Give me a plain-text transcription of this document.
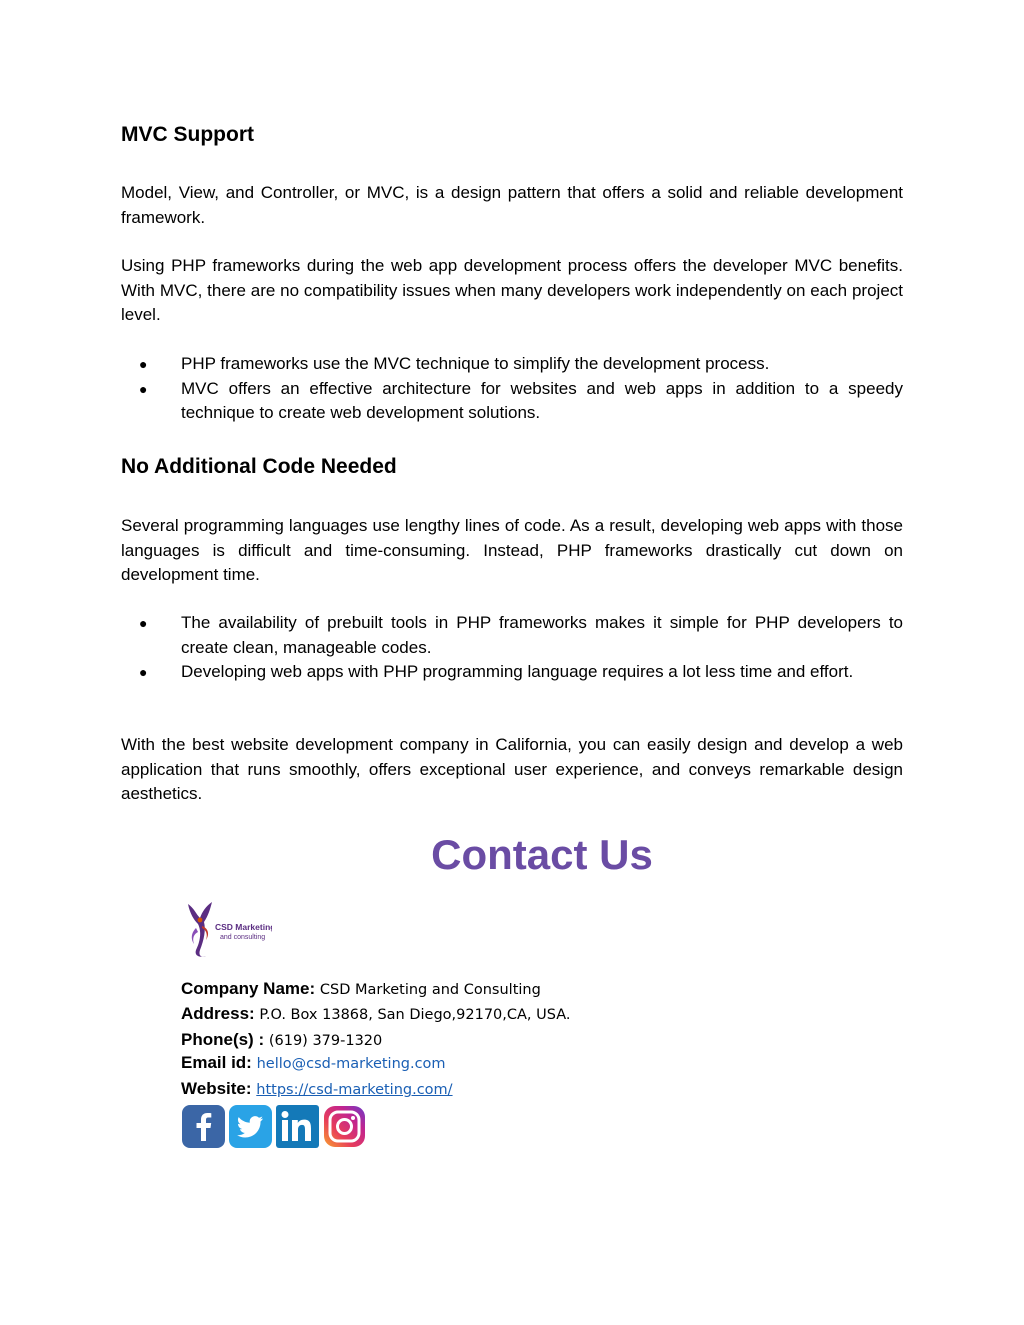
MVC Support

Model, View, and Controller, or MVC, is a design pattern that offers a solid and reliable development framework.

Using PHP frameworks during the web app development process offers the developer MVC benefits. With MVC, there are no compatibility issues when many developers work independently on each project level.

● PHP frameworks use the MVC technique to simplify the development process.
● MVC offers an effective architecture for websites and web apps in addition to a speedy technique to create web development solutions.
No Additional Code Needed

Several programming languages use lengthy lines of code. As a result, developing web apps with those languages is difficult and time-consuming. Instead, PHP frameworks drastically cut down on development time.

● The availability of prebuilt tools in PHP frameworks makes it simple for PHP developers to create clean, manageable codes.
● Developing web apps with PHP programming language requires a lot less time and effort.

With the best website development company in California, you can easily design and develop a web application that runs smoothly, offers exceptional user experience, and conveys remarkable design aesthetics.

Contact Us
CSD Marketing
and consulting
Company Name: CSD Marketing and Consulting
Address: P.O. Box 13868, San Diego,92170,CA, USA.
Phone(s) : (619) 379-1320
Email id: hello@csd-marketing.com
Website: https://csd-marketing.com/
